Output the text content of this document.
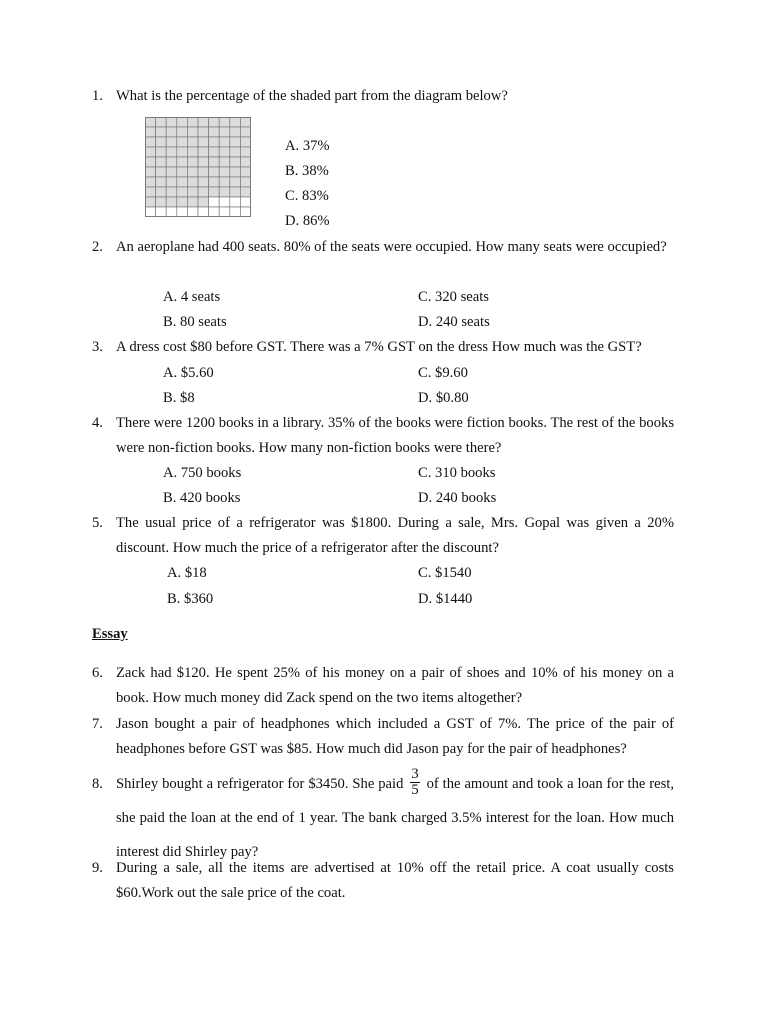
1. What is the percentage of the shaded part from the diagram below?
A. 37%
B. 38%
C. 83%
D. 86%
2. An aeroplane had 400 seats. 80% of the seats were occupied. How many seats were occupied?
A. 4 seats
B. 80 seats
C. 320 seats
D. 240 seats
3. A dress cost $80 before GST. There was a 7% GST on the dress How much was the GST?
A. $5.60
B. $8
C. $9.60
D. $0.80
4. There were 1200 books in a library. 35% of the books were fiction books. The rest of the books were non-fiction books. How many non-fiction books were there?
A. 750 books
B. 420 books
C. 310 books
D. 240 books
5. The usual price of a refrigerator was $1800. During a sale, Mrs. Gopal was given a 20% discount. How much the price of a refrigerator after the discount?
A. $18
B. $360
C. $1540
D. $1440
Essay
6. Zack had $120. He spent 25% of his money on a pair of shoes and 10% of his money on a book. How much money did Zack spend on the two items altogether?
7. Jason bought a pair of headphones which included a GST of 7%. The price of the pair of headphones before GST was $85. How much did Jason pay for the pair of headphones?
8. Shirley bought a refrigerator for $3450. She paid $\frac{3}{5}$ of the amount and took a loan for the rest, she paid the loan at the end of 1 year. The bank charged 3.5% interest for the loan. How much interest did Shirley pay?
9. During a sale, all the items are advertised at 10% off the retail price. A coat usually costs $60.Work out the sale price of the coat.
